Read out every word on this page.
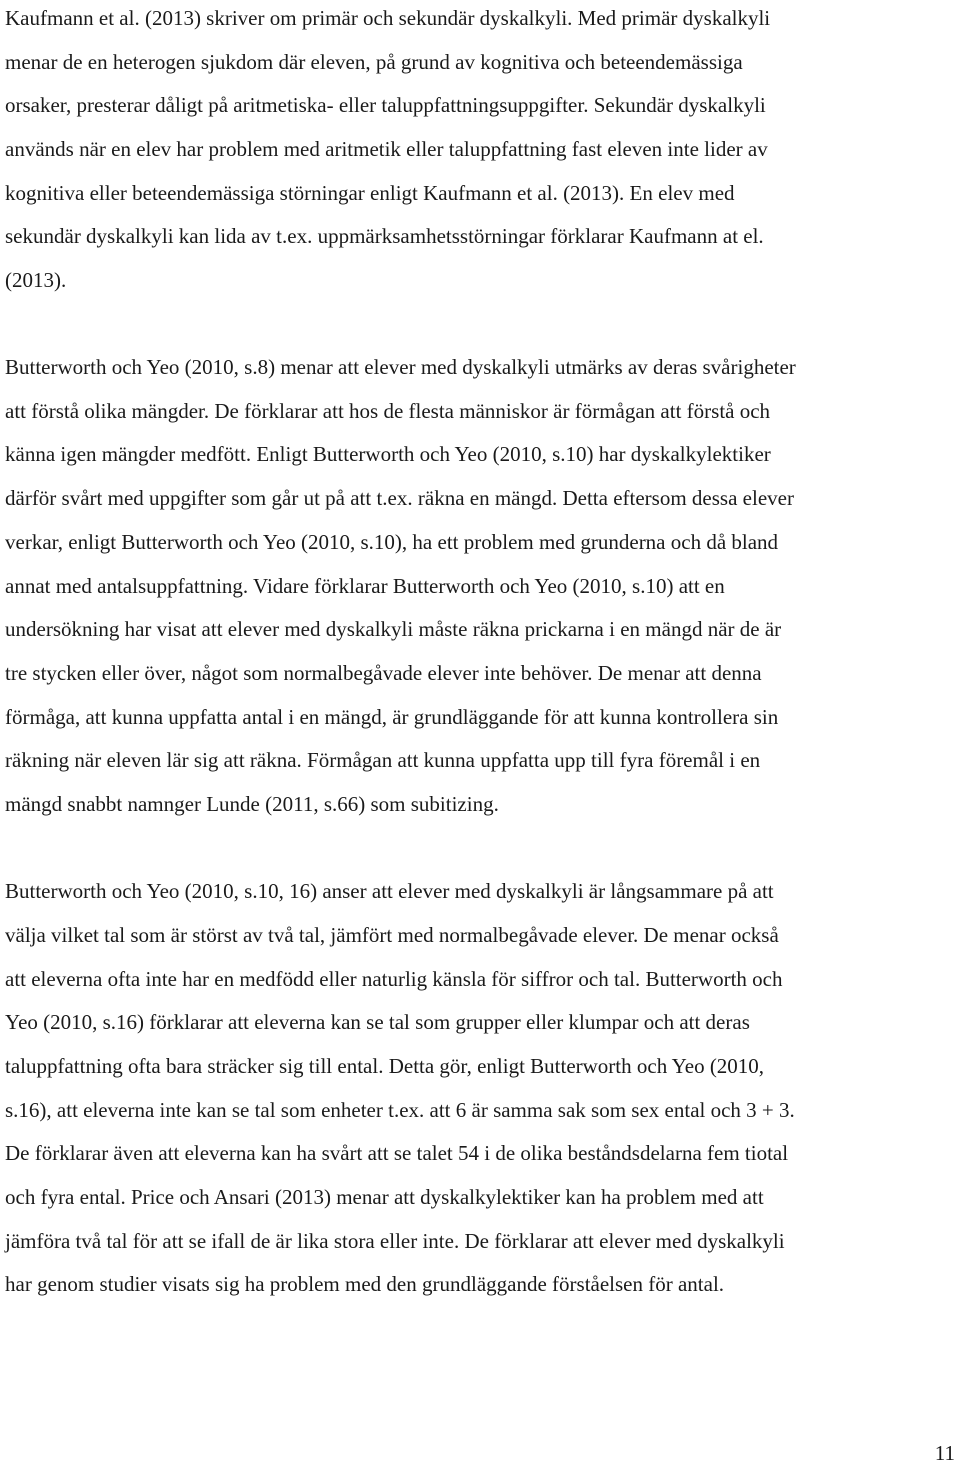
Kaufmann et al. (2013) skriver om primär och sekundär dyskalkyli. Med primär dyskalkyli
menar de en heterogen sjukdom där eleven, på grund av kognitiva och beteendemässiga
orsaker, presterar dåligt på aritmetiska- eller taluppfattningsuppgifter. Sekundär dyskalkyli
används när en elev har problem med aritmetik eller taluppfattning fast eleven inte lider av
kognitiva eller beteendemässiga störningar enligt Kaufmann et al. (2013). En elev med
sekundär dyskalkyli kan lida av t.ex. uppmärksamhetsstörningar förklarar Kaufmann at el.
(2013).
Butterworth och Yeo (2010, s.8) menar att elever med dyskalkyli utmärks av deras svårigheter
att förstå olika mängder. De förklarar att hos de flesta människor är förmågan att förstå och
känna igen mängder medfött. Enligt Butterworth och Yeo (2010, s.10) har dyskalkylektiker
därför svårt med uppgifter som går ut på att t.ex. räkna en mängd. Detta eftersom dessa elever
verkar, enligt Butterworth och Yeo (2010, s.10), ha ett problem med grunderna och då bland
annat med antalsuppfattning. Vidare förklarar Butterworth och Yeo (2010, s.10) att en
undersökning har visat att elever med dyskalkyli måste räkna prickarna i en mängd när de är
tre stycken eller över, något som normalbegåvade elever inte behöver. De menar att denna
förmåga, att kunna uppfatta antal i en mängd, är grundläggande för att kunna kontrollera sin
räkning när eleven lär sig att räkna. Förmågan att kunna uppfatta upp till fyra föremål i en
mängd snabbt namnger Lunde (2011, s.66) som subitizing.
Butterworth och Yeo (2010, s.10, 16) anser att elever med dyskalkyli är långsammare på att
välja vilket tal som är störst av två tal, jämfört med normalbegåvade elever. De menar också
att eleverna ofta inte har en medfödd eller naturlig känsla för siffror och tal. Butterworth och
Yeo (2010, s.16) förklarar att eleverna kan se tal som grupper eller klumpar och att deras
taluppfattning ofta bara sträcker sig till ental. Detta gör, enligt Butterworth och Yeo (2010,
s.16), att eleverna inte kan se tal som enheter t.ex. att 6 är samma sak som sex ental och 3 + 3.
De förklarar även att eleverna kan ha svårt att se talet 54 i de olika beståndsdelarna fem tiotal
och fyra ental. Price och Ansari (2013) menar att dyskalkylektiker kan ha problem med att
jämföra två tal för att se ifall de är lika stora eller inte. De förklarar att elever med dyskalkyli
har genom studier visats sig ha problem med den grundläggande förståelsen för antal.
11
